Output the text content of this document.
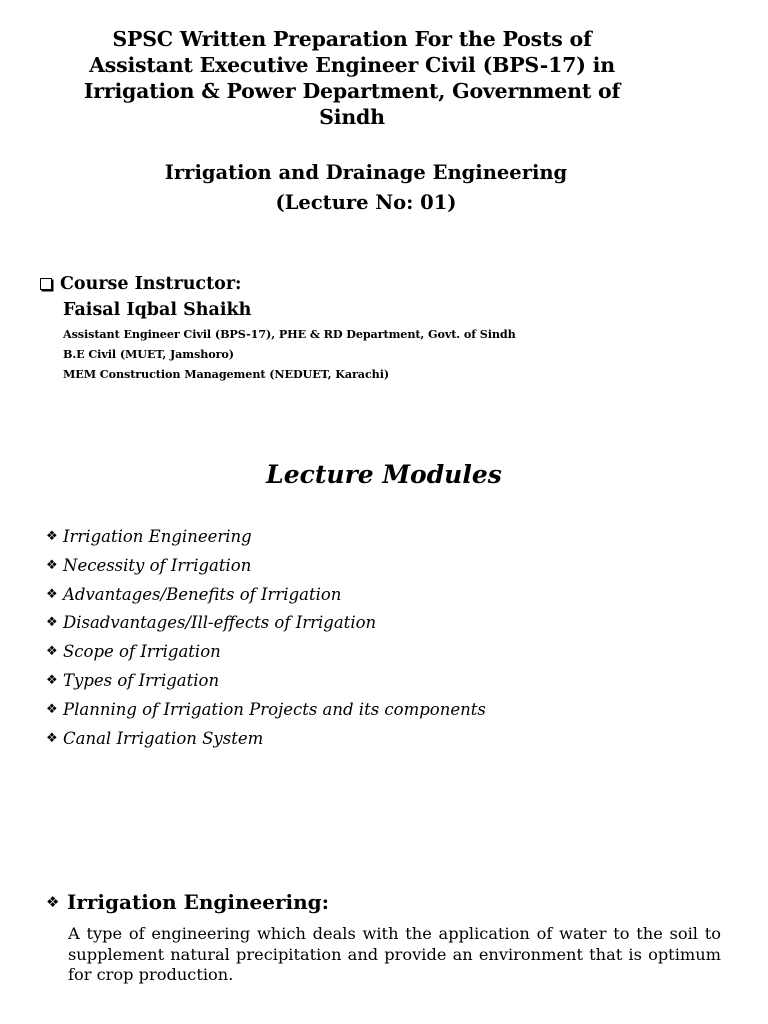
SPSC Written Preparation For the Posts of
Assistant Executive Engineer Civil (BPS-17) in
Irrigation & Power Department, Government of
Sindh
Irrigation and Drainage Engineering
(Lecture No: 01)
Course Instructor:
Faisal Iqbal Shaikh
Assistant Engineer Civil (BPS-17), PHE & RD Department, Govt. of Sindh
B.E Civil (MUET, Jamshoro)
MEM Construction Management (NEDUET, Karachi)
Lecture Modules
❖ Irrigation Engineering
❖ Necessity of Irrigation
❖ Advantages/Benefits of Irrigation
❖ Disadvantages/Ill-effects of Irrigation
❖ Scope of Irrigation
❖ Types of Irrigation
❖ Planning of Irrigation Projects and its components
❖ Canal Irrigation System
❖ Irrigation Engineering:
A type of engineering which deals with the application of water to the soil to supplement natural precipitation and provide an environment that is optimum for crop production.
